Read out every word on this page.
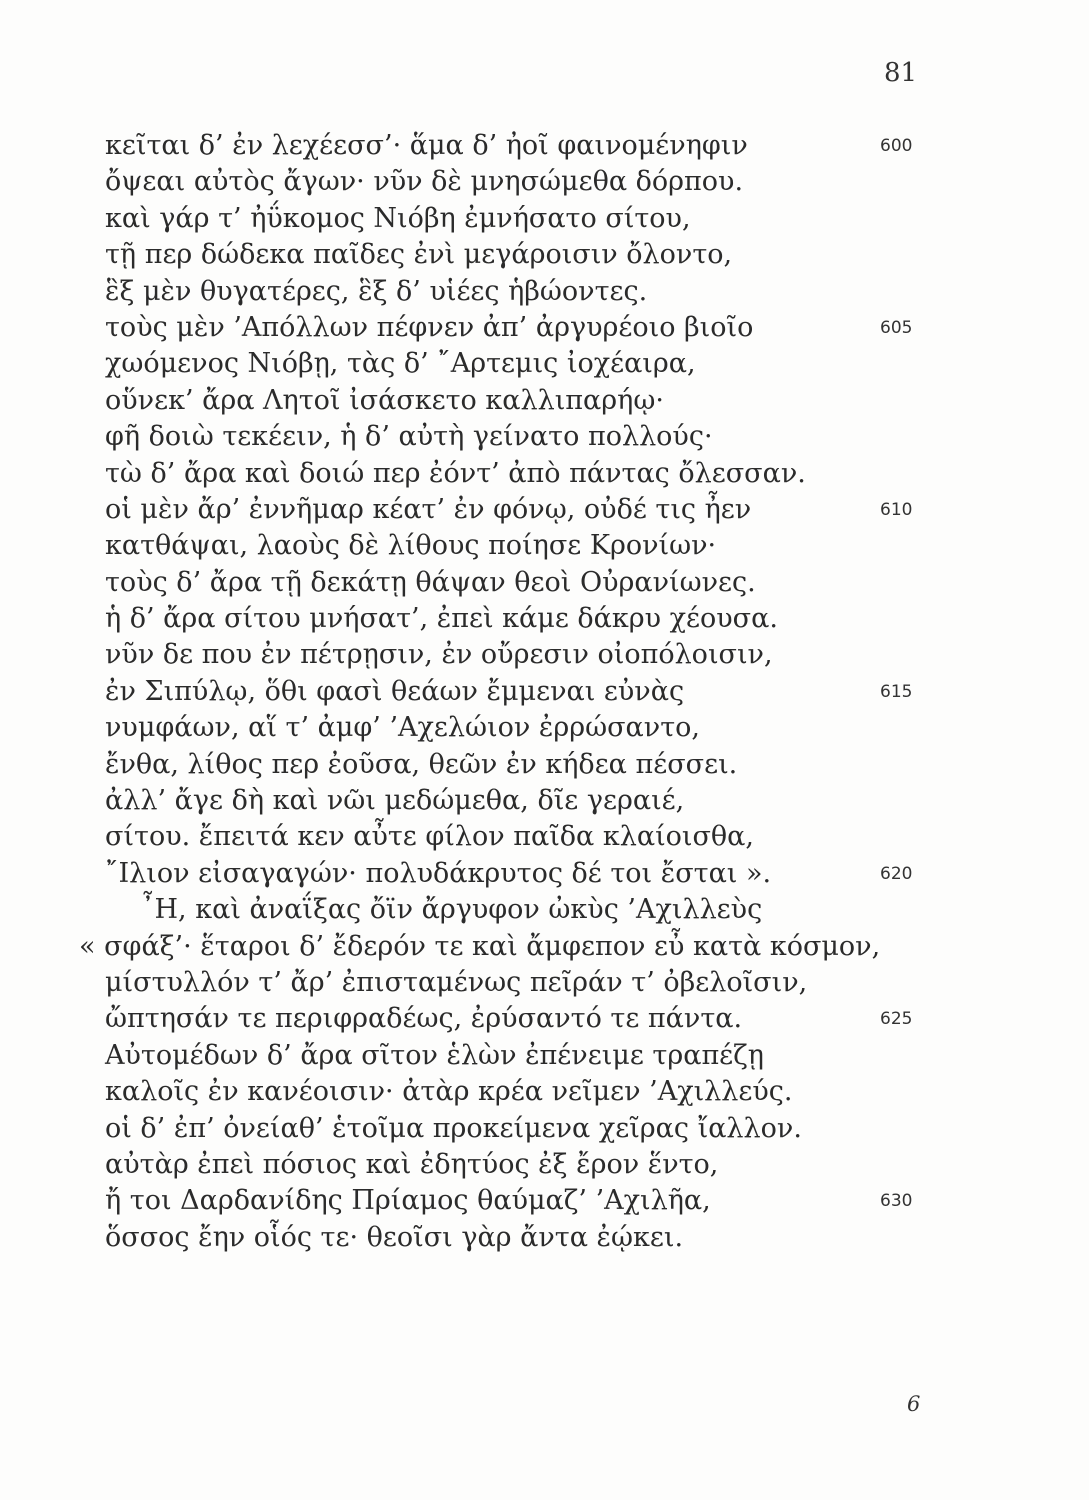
81
κεῖται δ’ ἐν λεχέεσσ’· ἅμα δ’ ἠοῖ φαινομένηφιν	600
ὄψεαι αὐτὸς ἄγων· νῦν δὲ μνησώμεθα δόρπου.
καὶ γάρ τ’ ἠΰκομος Νιόβη ἐμνήσατο σίτου,
τῇ περ δώδεκα παῖδες ἐνὶ μεγάροισιν ὄλοντο,
ἓξ μὲν θυγατέρες, ἓξ δ’ υἱέες ἡβώοντες.
τοὺς μὲν ’Απόλλων πέφνεν ἀπ’ ἀργυρέοιο βιοῖο	605
χωόμενος Νιόβῃ, τὰς δ’ ῎Αρτεμις ἰοχέαιρα,
οὕνεκ’ ἄρα Λητοῖ ἰσάσκετο καλλιπαρήῳ·
φῆ δοιὼ τεκέειν, ἡ δ’ αὐτὴ γείνατο πολλούς·
τὼ δ’ ἄρα καὶ δοιώ περ ἐόντ’ ἀπὸ πάντας ὄλεσσαν.
οἱ μὲν ἄρ’ ἐννῆμαρ κέατ’ ἐν φόνῳ, οὐδέ τις ἦεν	610
κατθάψαι, λαοὺς δὲ λίθους ποίησε Κρονίων·
τοὺς δ’ ἄρα τῇ δεκάτῃ θάψαν θεοὶ Οὐρανίωνες.
ἡ δ’ ἄρα σίτου μνήσατ’, ἐπεὶ κάμε δάκρυ χέουσα.
νῦν δε που ἐν πέτρῃσιν, ἐν οὔρεσιν οἰοπόλοισιν,
ἐν Σιπύλῳ, ὅθι φασὶ θεάων ἔμμεναι εὐνὰς	615
νυμφάων, αἵ τ’ ἀμφ’ ’Αχελώιον ἐρρώσαντο,
ἔνθα, λίθος περ ἐοῦσα, θεῶν ἐν κήδεα πέσσει.
ἀλλ’ ἄγε δὴ καὶ νῶι μεδώμεθα, δῖε γεραιέ,
σίτου. ἔπειτά κεν αὖτε φίλον παῖδα κλαίοισθα,
῎Ιλιον εἰσαγαγών· πολυδάκρυτος δέ τοι ἔσται ».	620
῏Η, καὶ ἀναΐξας ὄϊν ἄργυφον ὠκὺς ’Αχιλλεὺς
« σφάξ’· ἕταροι δ’ ἔδερόν τε καὶ ἄμφεπον εὖ κατὰ κόσμον,
μίστυλλόν τ’ ἄρ’ ἐπισταμένως πεῖράν τ’ ὀβελοῖσιν,
ὤπτησάν τε περιφραδέως, ἐρύσαντό τε πάντα.	625
Αὐτομέδων δ’ ἄρα σῖτον ἑλὼν ἐπένειμε τραπέζῃ
καλοῖς ἐν κανέοισιν· ἀτὰρ κρέα νεῖμεν ’Αχιλλεύς.
οἱ δ’ ἐπ’ ὀνείαθ’ ἑτοῖμα προκείμενα χεῖρας ἴαλλον.
αὐτὰρ ἐπεὶ πόσιος καὶ ἐδητύος ἐξ ἔρον ἕντο,
ἤ τοι Δαρδανίδης Πρίαμος θαύμαζ’ ’Αχιλῆα,	630
ὅσσος ἔην οἷός τε· θεοῖσι γὰρ ἄντα ἐῴκει.
6
